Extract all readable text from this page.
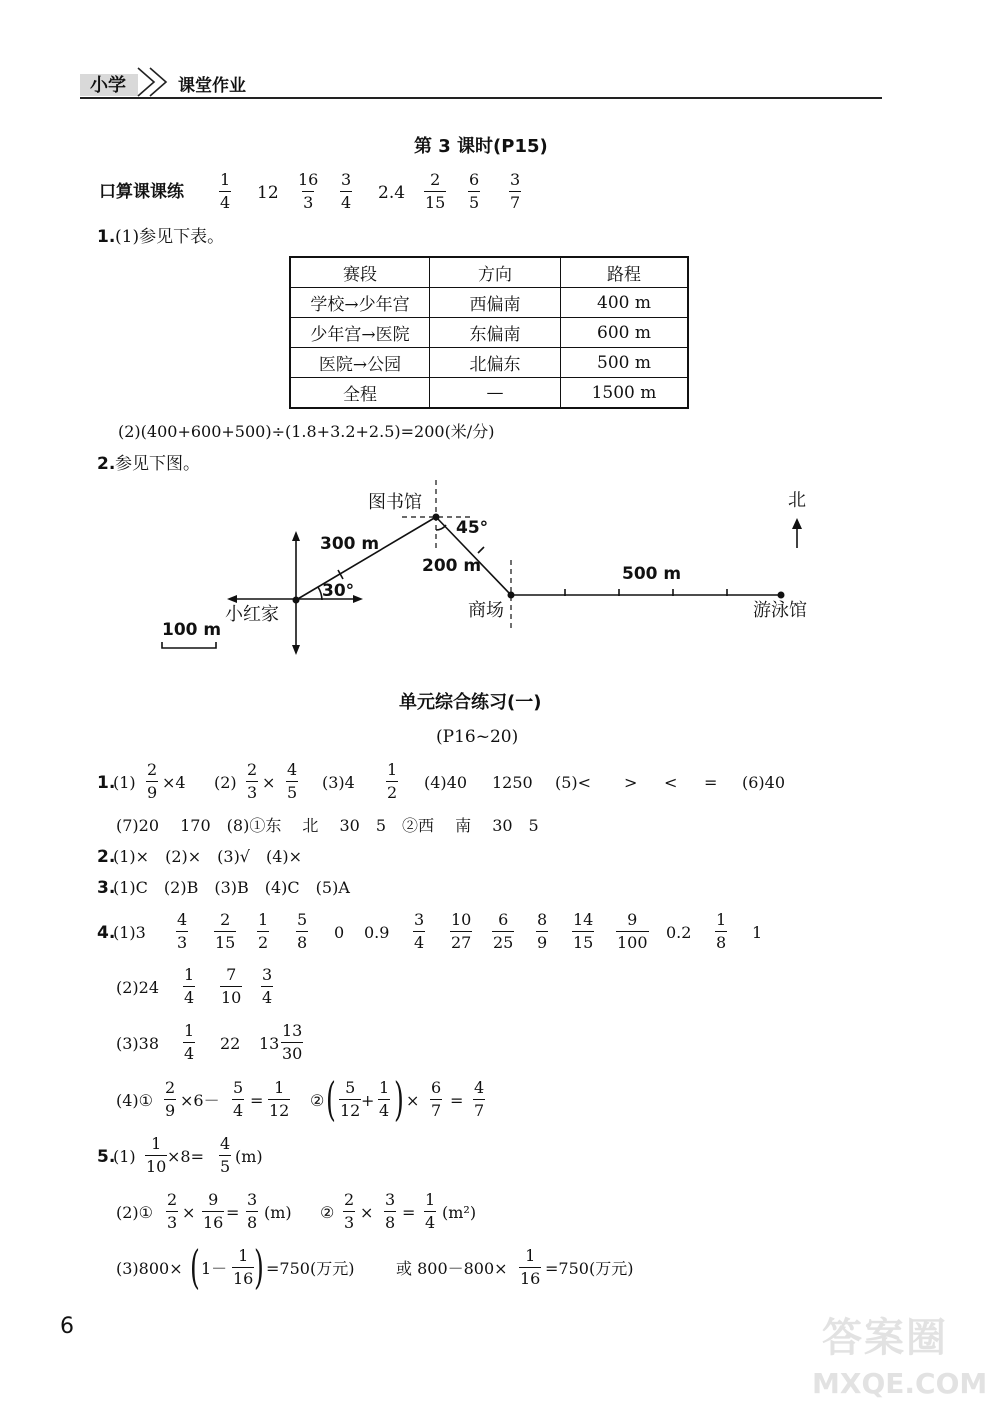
小学	课堂作业
第 3 课时(P15)
口算课课练
1
4 12
16
3
3
4 2.4
2
15
6
5
3
7
1. (1)参见下表。
赛段	方向	路程
学校→少年宫	西偏南	400 m
少年宫→医院	东偏南	600 m
医院→公园	北偏东	500 m
全程	—	1500 m
(2)(400+600+500)÷(1.8+3.2+2.5)=200(米/分)
2. 参见下图。
图书馆
小红家	商场	游泳馆
300 m
200 m	500 m
30°
45°
北
100 m
单元综合练习(一)
(P16~20)
1.
(1)
2
9
×4 (2)
2
3
×
4
5
(3)4
1
2
(4)40 1250 (5)< > < = (6)40
(7)20　 170　(8)①东　 北　 30　5　②西　 南　 30　5
2.
(1)×　(2)×　(3)√　(4)×
3.
(1)C　(2)B　(3)B　(4)C　(5)A
4.
(1)3
4
3
2
15
1
2
5
8
0 0.9
3
4
10
27
6
25
8
9
14
15
9
100
0.2
1
8
1
(2)24
1
4
7
10
3
4
(3)38
1
4
22 13
13
30
(4)①
2
9
×6－
5
4
=
1
12
② ( 5
12
+
1
4 ) ×
6
7
=
4
7
5.
(1)
1
10
×8=
4
5
(m)
(2)①
2
3
×
9
16
=
3
8
(m) ②
2
3
×
3
8
=
1
4
(m²)
(3)800× ( 1－
1
16 ) =750(万元)	或 800－800×
1
16
=750(万元)
6	答案圈
MXQE.COM
